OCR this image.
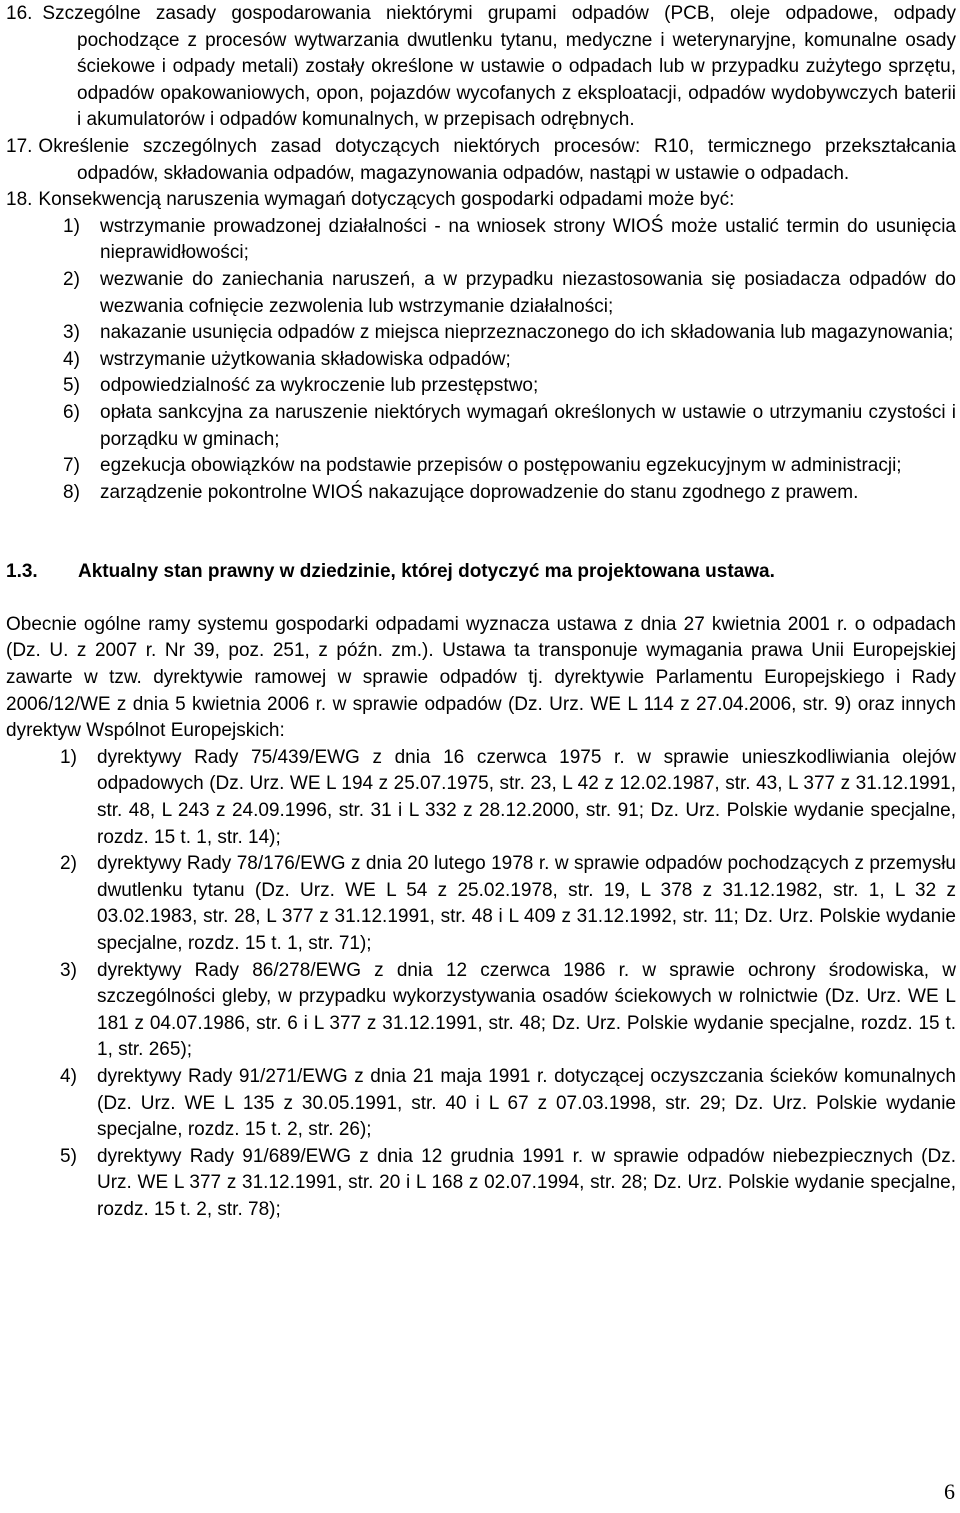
16. Szczególne zasady gospodarowania niektórymi grupami odpadów (PCB, oleje odpadowe, odpady pochodzące z procesów wytwarzania dwutlenku tytanu, medyczne i weterynaryjne, komunalne osady ściekowe i odpady metali) zostały określone w ustawie o odpadach lub w przypadku zużytego sprzętu, odpadów opakowaniowych, opon, pojazdów wycofanych z eksploatacji, odpadów wydobywczych baterii i akumulatorów i odpadów komunalnych, w przepisach odrębnych.

17. Określenie szczególnych zasad dotyczących niektórych procesów: R10, termicznego przekształcania odpadów, składowania odpadów, magazynowania odpadów, nastąpi w ustawie o odpadach.

18. Konsekwencją naruszenia wymagań dotyczących gospodarki odpadami może być:

1)	wstrzymanie prowadzonej działalności - na wniosek strony WIOŚ może ustalić termin do usunięcia nieprawidłowości;
2)	wezwanie do zaniechania naruszeń, a w przypadku niezastosowania się posiadacza odpadów do wezwania cofnięcie zezwolenia lub wstrzymanie działalności;
3)	nakazanie usunięcia odpadów z miejsca nieprzeznaczonego do ich składowania lub magazynowania;
4)	wstrzymanie użytkowania składowiska odpadów;
5)	odpowiedzialność za wykroczenie lub przestępstwo;
6)	opłata sankcyjna za naruszenie niektórych wymagań określonych w ustawie o utrzymaniu czystości i porządku w gminach;
7)	egzekucja obowiązków na podstawie przepisów o postępowaniu egzekucyjnym w administracji;
8)	zarządzenie pokontrolne WIOŚ nakazujące doprowadzenie do stanu zgodnego z prawem.
1.3.	Aktualny stan prawny w dziedzinie, której dotyczyć ma projektowana ustawa.

Obecnie ogólne ramy systemu gospodarki odpadami wyznacza ustawa z dnia 27 kwietnia 2001 r. o odpadach (Dz. U. z 2007 r. Nr 39, poz. 251, z późn. zm.). Ustawa ta transponuje wymagania prawa Unii Europejskiej zawarte w tzw. dyrektywie ramowej w sprawie odpadów tj. dyrektywie Parlamentu Europejskiego i Rady 2006/12/WE z dnia 5 kwietnia 2006 r. w sprawie odpadów (Dz. Urz. WE L 114 z 27.04.2006, str. 9) oraz innych dyrektyw Wspólnot Europejskich:

1)	dyrektywy Rady 75/439/EWG z dnia 16 czerwca 1975 r. w sprawie unieszkodliwiania olejów odpadowych (Dz. Urz. WE L 194 z 25.07.1975, str. 23, L 42 z 12.02.1987, str. 43, L 377 z 31.12.1991, str. 48, L 243 z 24.09.1996, str. 31 i L 332 z 28.12.2000, str. 91; Dz. Urz. Polskie wydanie specjalne, rozdz. 15 t. 1, str. 14);
2)	dyrektywy Rady 78/176/EWG z dnia 20 lutego 1978 r. w sprawie odpadów pochodzących z przemysłu dwutlenku tytanu (Dz. Urz. WE L 54 z 25.02.1978, str. 19, L 378 z 31.12.1982, str. 1, L 32 z 03.02.1983, str. 28, L 377 z 31.12.1991, str. 48 i L 409 z 31.12.1992, str. 11; Dz. Urz. Polskie wydanie specjalne, rozdz. 15 t. 1, str. 71);
3)	dyrektywy Rady 86/278/EWG z dnia 12 czerwca 1986 r. w sprawie ochrony środowiska, w szczególności gleby, w przypadku wykorzystywania osadów ściekowych w rolnictwie (Dz. Urz. WE L 181 z 04.07.1986, str. 6 i L 377 z 31.12.1991, str. 48; Dz. Urz. Polskie wydanie specjalne, rozdz. 15 t. 1, str. 265);
4)	dyrektywy Rady 91/271/EWG z dnia 21 maja 1991 r. dotyczącej oczyszczania ścieków komunalnych (Dz. Urz. WE L 135 z 30.05.1991, str. 40 i L 67 z 07.03.1998, str. 29; Dz. Urz. Polskie wydanie specjalne, rozdz. 15 t. 2, str. 26);
5)	dyrektywy Rady 91/689/EWG z dnia 12 grudnia 1991 r. w sprawie odpadów niebezpiecznych (Dz. Urz. WE L 377 z 31.12.1991, str. 20 i L 168 z 02.07.1994, str. 28; Dz. Urz. Polskie wydanie specjalne, rozdz. 15 t. 2, str. 78);
6
